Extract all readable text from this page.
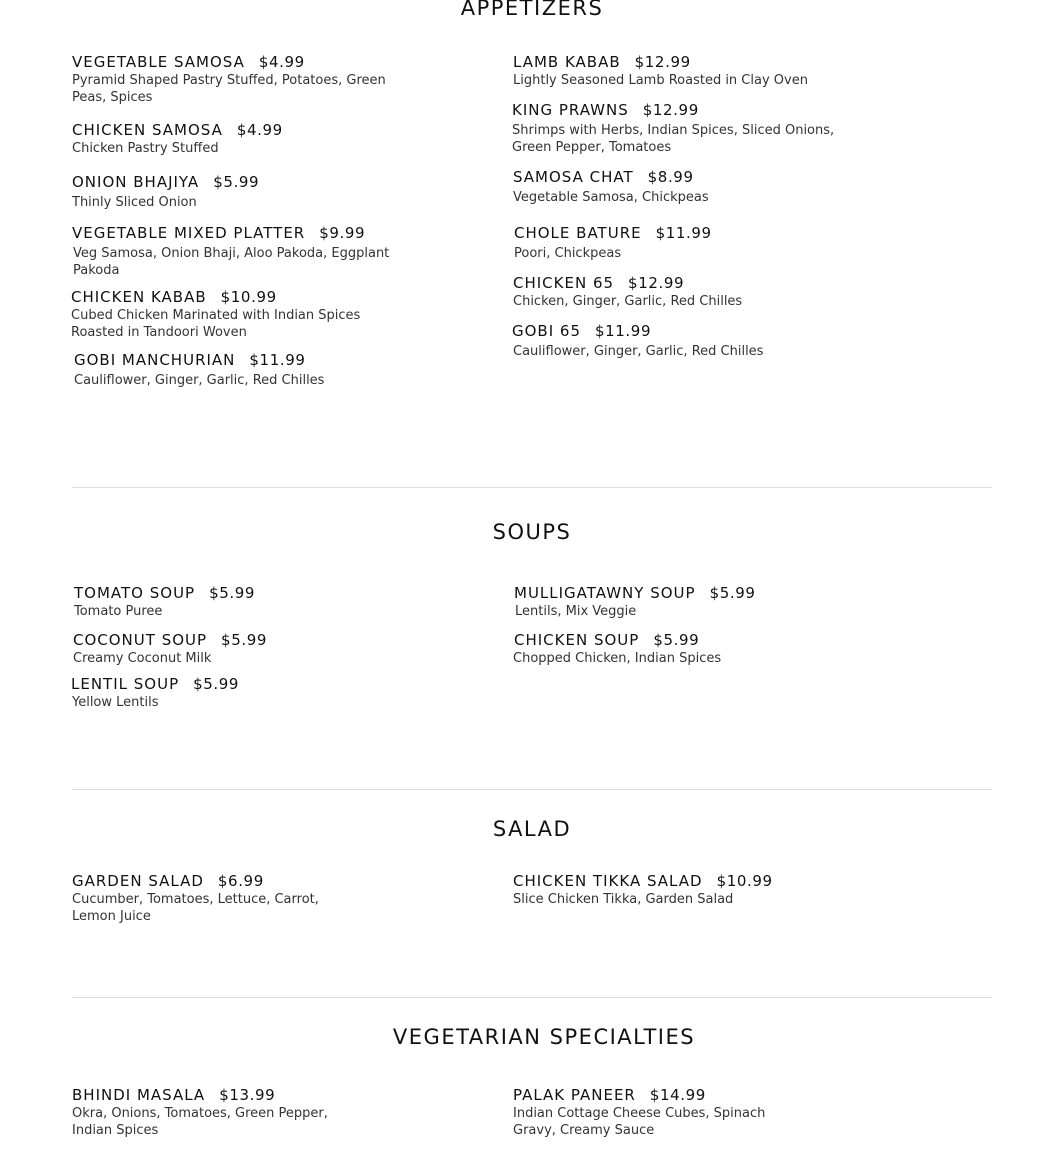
APPETIZERS
VEGETABLE SAMOSA $4.99
Pyramid Shaped Pastry Stuffed, Potatoes, Green Peas, Spices
CHICKEN SAMOSA $4.99
Chicken Pastry Stuffed
ONION BHAJIYA $5.99
Thinly Sliced Onion
VEGETABLE MIXED PLATTER $9.99
Veg Samosa, Onion Bhaji, Aloo Pakoda, Eggplant Pakoda
CHICKEN KABAB $10.99
Cubed Chicken Marinated with Indian Spices Roasted in Tandoori Woven
GOBI MANCHURIAN $11.99
Cauliflower, Ginger, Garlic, Red Chilles
LAMB KABAB $12.99
Lightly Seasoned Lamb Roasted in Clay Oven
KING PRAWNS $12.99
Shrimps with Herbs, Indian Spices, Sliced Onions, Green Pepper, Tomatoes
SAMOSA CHAT $8.99
Vegetable Samosa, Chickpeas
CHOLE BATURE $11.99
Poori, Chickpeas
CHICKEN 65 $12.99
Chicken, Ginger, Garlic, Red Chilles
GOBI 65 $11.99
Cauliflower, Ginger, Garlic, Red Chilles
SOUPS
TOMATO SOUP $5.99
Tomato Puree
COCONUT SOUP $5.99
Creamy Coconut Milk
LENTIL SOUP $5.99
Yellow Lentils
MULLIGATAWNY SOUP $5.99
Lentils, Mix Veggie
CHICKEN SOUP $5.99
Chopped Chicken, Indian Spices
SALAD
GARDEN SALAD $6.99
Cucumber, Tomatoes, Lettuce, Carrot, Lemon Juice
CHICKEN TIKKA SALAD $10.99
Slice Chicken Tikka, Garden Salad
VEGETARIAN SPECIALTIES
BHINDI MASALA $13.99
Okra, Onions, Tomatoes, Green Pepper, Indian Spices
PALAK PANEER $14.99
Indian Cottage Cheese Cubes, Spinach Gravy, Creamy Sauce
